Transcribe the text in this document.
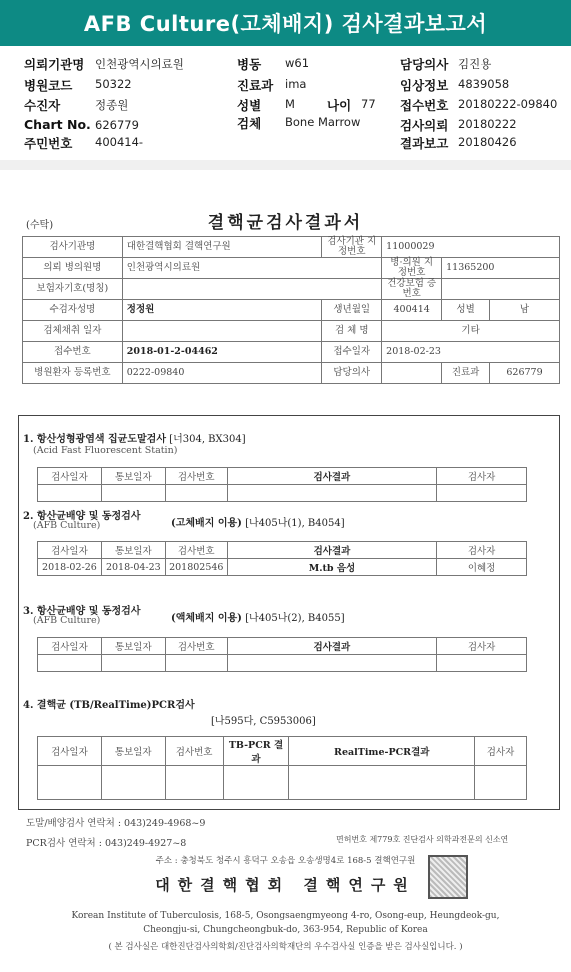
AFB Culture(고체배지) 검사결과보고서
의뢰기관명 인천광역시의료원
병원코드 50322
수진자	정종원
Chart No. 626779
주민번호 400414-
병동 w61
진료과 ima
성별 M	나이 77
검체 Bone Marrow
담당의사 김진용
임상정보 4839058
접수번호 20180222-09840
검사의뢰 20180222
결과보고 20180426
(수탁)	결핵균검사결과서
검사기관명	대한결핵협회 결핵연구원	검사기관 지정번호	11000029		
의뢰 병의원명	인천광역시의료원		병·의원 지정번호	11365200	
보험자기호(명칭)			건강보험 증번호		
수검자성명	정정원	생년월일	400414	성별	남
검체채취 일자		검 체 명	기타		
접수번호	2018-01-2-04462	접수일자	2018-02-23		
병원환자 등록번호	0222-09840	담당의사		진료과	626779
1. 항산성형광염색 집균도말검사 [너304, BX304]
(Acid Fast Fluorescent Statin)
검사일자	통보일자	검사번호	검사결과	검사자

2. 항산균배양 및 동정검사
(AFB Culture)	(고체배지 이용) [나405나(1), B4054]
검사일자	통보일자	검사번호	검사결과	검사자
2018-02-26	2018-04-23	201802546	M.tb 음성	이혜정
3. 항산균배양 및 동정검사
(AFB Culture)	(액체배지 이용) [나405나(2), B4055]
검사일자	통보일자	검사번호	검사결과	검사자

4. 결핵균 (TB/RealTime)PCR검사
[나595다, C5953006]
검사일자	통보일자	검사번호	TB-PCR 결과	RealTime-PCR결과	검사자

도말/배양검사 연락처 : 043)249-4968~9
PCR검사 연락처 : 043)249-4927~8	면허번호 제779호 진단검사 의학과전문의 신소연
주소 : 충청북도 청주시 흥덕구 오송읍 오송생명4로 168-5 결핵연구원
대한결핵협회 결핵연구원
Korean Institute of Tuberculosis, 168-5, Osongsaengmyeong 4-ro, Osong-eup, Heungdeok-gu,
Cheongju-si, Chungcheongbuk-do, 363-954, Republic of Korea
( 본 검사실은 대한진단검사의학회/진단검사의학재단의 우수검사실 인증을 받은 검사실입니다. )
